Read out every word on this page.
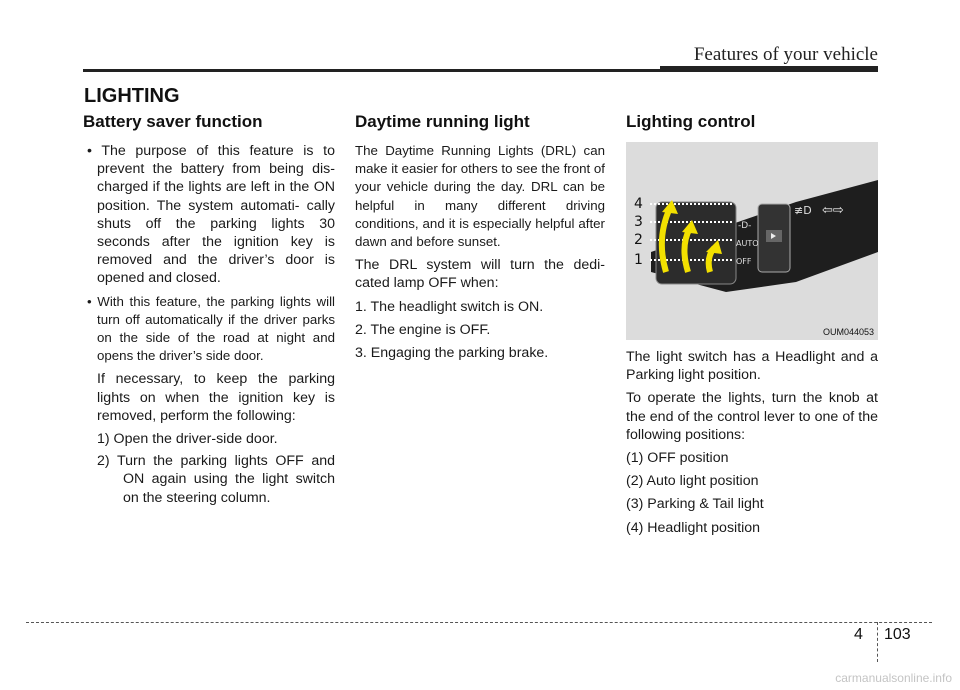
Features of your vehicle
LIGHTING
Battery saver function

• The purpose of this feature is to prevent the battery from being dis- charged if the lights are left in the ON position. The system automati- cally shuts off the parking lights 30 seconds after the ignition key is removed and the driver’s door is opened and closed.

• With this feature, the parking lights will turn off automatically if the driver parks on the side of the road at night and opens the driver’s side door.

If necessary, to keep the parking lights on when the ignition key is removed, perform the following:

1) Open the driver-side door.

2) Turn the parking lights OFF and ON again using the light switch on the steering column.

Daytime running light

The Daytime Running Lights (DRL) can make it easier for others to see the front of your vehicle during the day. DRL can be helpful in many different driving conditions, and it is especially helpful after dawn and before sunset.

The DRL system will turn the dedi- cated lamp OFF when:

1. The headlight switch is ON.

2. The engine is OFF.

3. Engaging the parking brake.

Lighting control
≣D
-D-
AUTO
OFF
≢D ⇦⇨
4
3
2
1
OUM044053

The light switch has a Headlight and a Parking light position.

To operate the lights, turn the knob at the end of the control lever to one of the following positions:

(1) OFF position

(2) Auto light position

(3) Parking & Tail light

(4) Headlight position

4 103
carmanualsonline.info
